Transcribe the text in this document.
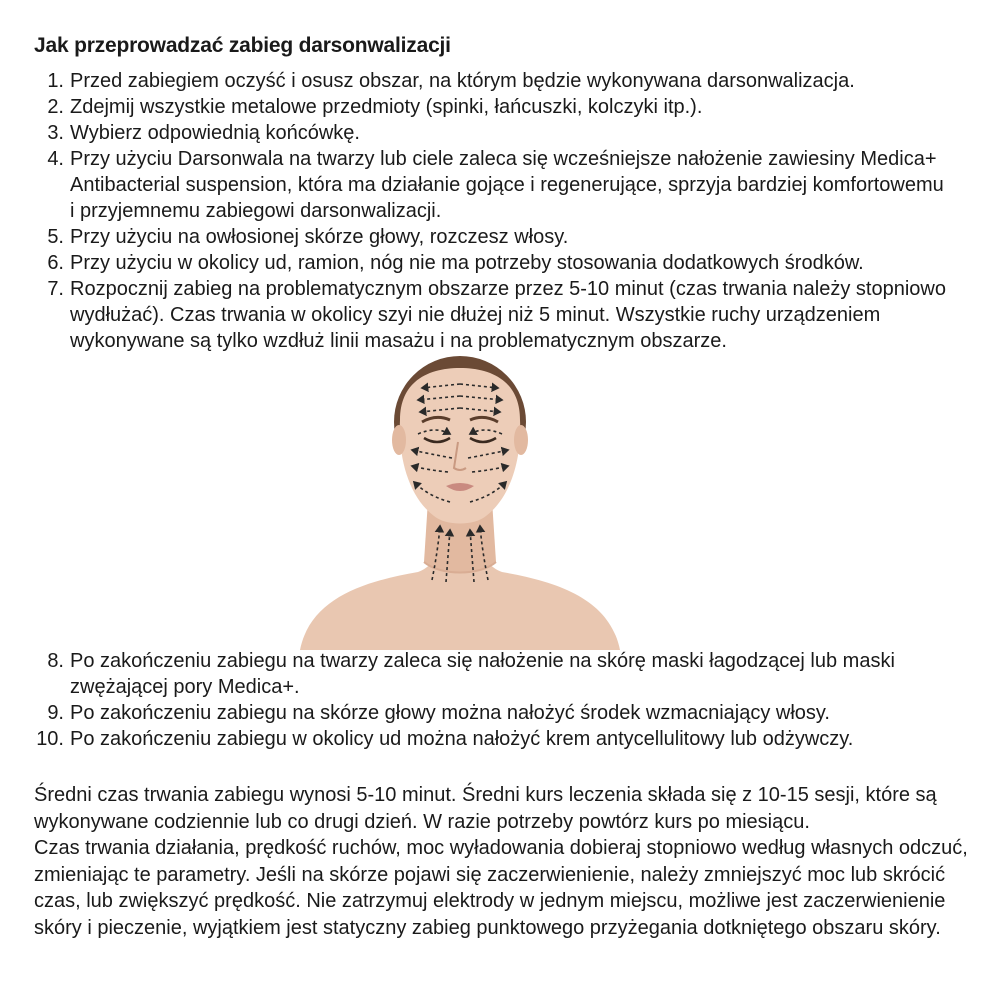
Jak przeprowadzać zabieg darsonwalizacji
1. Przed zabiegiem oczyść i osusz obszar, na którym będzie wykonywana darsonwalizacja.
2. Zdejmij wszystkie metalowe przedmioty (spinki, łańcuszki, kolczyki itp.).
3. Wybierz odpowiednią końcówkę.
4. Przy użyciu Darsonwala na twarzy lub ciele zaleca się wcześniejsze nałożenie zawiesiny Medica+ Antibacterial suspension, która ma działanie gojące i regenerujące, sprzyja bardziej komfortowemu i przyjemnemu zabiegowi darsonwalizacji.
5. Przy użyciu na owłosionej skórze głowy, rozczesz włosy.
6. Przy użyciu w okolicy ud, ramion, nóg nie ma potrzeby stosowania dodatkowych środków.
7. Rozpocznij zabieg na problematycznym obszarze przez 5-10 minut (czas trwania należy stopniowo wydłużać). Czas trwania w okolicy szyi nie dłużej niż 5 minut. Wszystkie ruchy urządzeniem wykonywane są tylko wzdłuż linii masażu i na problematycznym obszarze.
8. Po zakończeniu zabiegu na twarzy zaleca się nałożenie na skórę maski łagodzącej lub maski zwężającej pory Medica+.
9. Po zakończeniu zabiegu na skórze głowy można nałożyć środek wzmacniający włosy.
10. Po zakończeniu zabiegu w okolicy ud można nałożyć krem antycellulitowy lub odżywczy.

Średni czas trwania zabiegu wynosi 5-10 minut. Średni kurs leczenia składa się z 10-15 sesji, które są wykonywane codziennie lub co drugi dzień. W razie potrzeby powtórz kurs po miesiącu.

Czas trwania działania, prędkość ruchów, moc wyładowania dobieraj stopniowo według własnych odczuć, zmieniając te parametry. Jeśli na skórze pojawi się zaczerwienienie, należy zmniejszyć moc lub skrócić czas, lub zwiększyć prędkość. Nie zatrzymuj elektrody w jednym miejscu, możliwe jest zaczerwienienie skóry i pieczenie, wyjątkiem jest statyczny zabieg punktowego przyżegania dotkniętego obszaru skóry.
